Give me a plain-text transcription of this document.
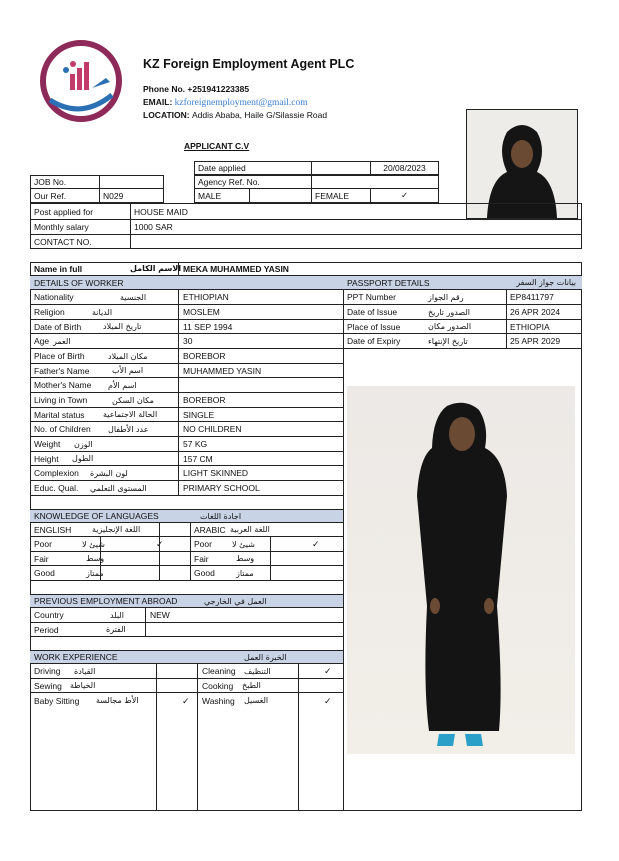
KZ Foreign Employment Agent PLC
Phone No. +251941223385
EMAIL: kzforeignemployment@gmail.com
LOCATION: Addis Ababa, Haile G/Silassie Road
APPLICANT C.V
Date applied	20/08/2023
JOB No.	Agency Ref. No.
Our Ref.	N029	MALE	FEMALE	✓
Post applied for	HOUSE MAID
Monthly salary	1000 SAR
CONTACT NO.
Name in full	الاسم الكامل MEKA MUHAMMED YASIN
DETAILS OF WORKER
Nationality	الجنسية	ETHIOPIAN
Religion	الديانة	MOSLEM
Date of Birth	تاريخ الميلاد	11 SEP 1994
Age العمر	30
Place of Birth	مكان الميلاد	BOREBOR
Father's Name	اسم الأب	MUHAMMED YASIN
Mother's Name اسم الأم
Living in Town	مكان السكن	BOREBOR
Marital status الحالة الاجتماعية	SINGLE
No. of Children عدد الأطفال	NO CHILDREN
Weight الوزن	57 KG
Height الطول	157 CM
Complexion لون البشرة	LIGHT SKINNED
Educ. Qual. المستوى التعلمي	PRIMARY SCHOOL
PASSPORT DETAILS	بيانات جواز السفر
PPT Number	رقم الجواز	EP8411797
Date of Issue	الصدور تاريخ	26 APR 2024
Place of Issue	الصدور مكان	ETHIOPIA
Date of Expiry	تاريخ الإنتهاء	25 APR 2029
KNOWLEDGE OF LANGUAGES	اجادة اللغات
ENGLISH	اللغة الإنجليزية	ARABIC اللغة العربية
Poor	شيئ لا	✓	Poor	شيئ لا	✓
Fair	وسط	Fair	وسط
Good	ممتاز	Good	ممتاز
PREVIOUS EMPLOYMENT ABROAD	العمل في الخارجي
Country	البلد	NEW
Period	الفترة
WORK EXPERIENCE	الخبرة العمل
Driving القيادة	Cleaning التنظيف	✓
Sewing الخياطة	Cooking الطبخ
Baby Sitting الأط مجالسة	✓ Washing الغسيل	✓
